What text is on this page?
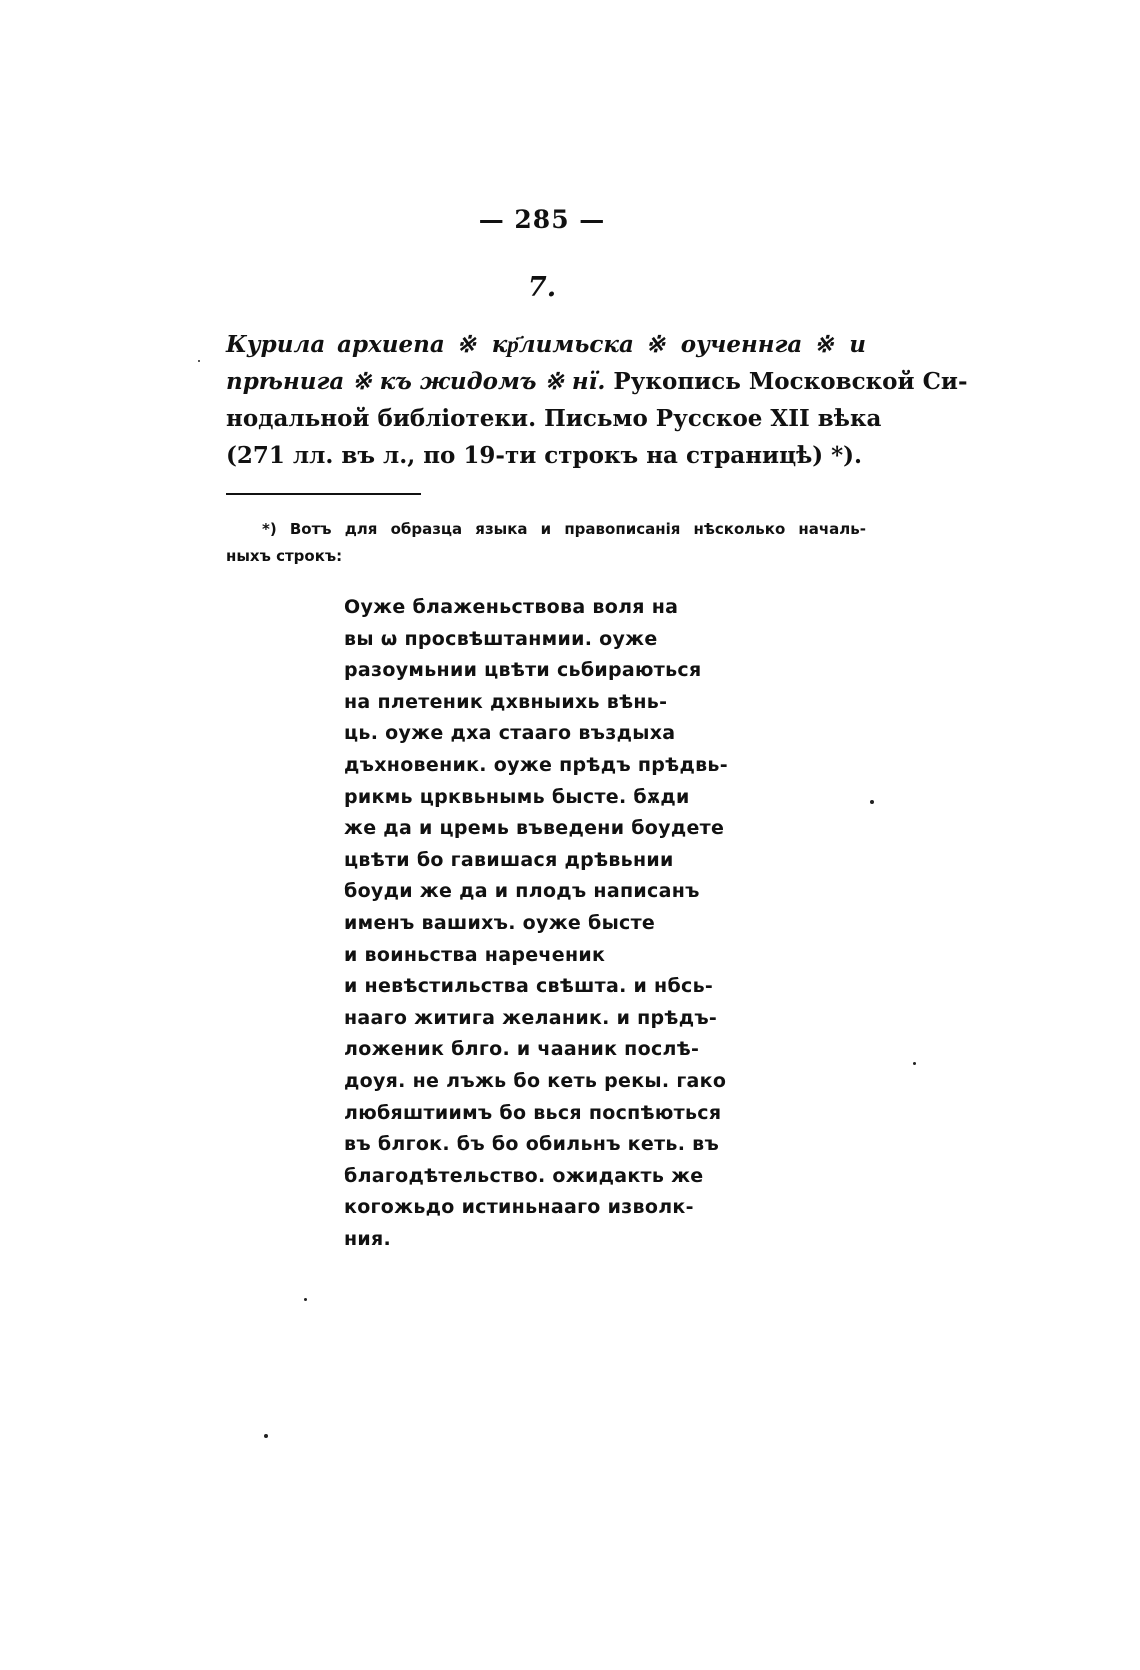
— 285 —
7.
Курила архиепа ※ кр҃лимьска ※ оученнга ※ и
прѣнига ※ къ жидомъ ※ нї. Рукопись Московской Си-
нодальной библіотеки. Письмо Русское XII вѣка
(271 лл. въ л., по 19-ти строкъ на страницѣ) *).
*) Вотъ для образца языка и правописанія нѣсколько началь-
ныхъ строкъ:
Оуже блаженьствова воля на
вы ѡ просвѣштанмии. оуже
разоумьнии цвѣти сьбираються
на плетеник дхвныихь вѣнь-
ць. оуже дха стааго въздыха
дъхновеник. оуже прѣдъ прѣдвь-
рикмь црквьнымь бысте. бѫди
же да и цремь въведени боудете
цвѣти бо гавишася дрѣвьнии
боуди же да и плодъ написанъ
именъ вашихъ. оуже бысте
и воиньства нареченик
и невѣстильства свѣшта. и нбсь-
нааго житига желаник. и прѣдъ-
ложеник блго. и чааник послѣ-
доуя. не лъжь бо кеть рекы. гако
любяштиимъ бо вься поспѣються
въ блгок. бъ бо обильнъ кеть. въ
благодѣтельство. ожидакть же
когожьдо истиньнааго изволк-
ния.
